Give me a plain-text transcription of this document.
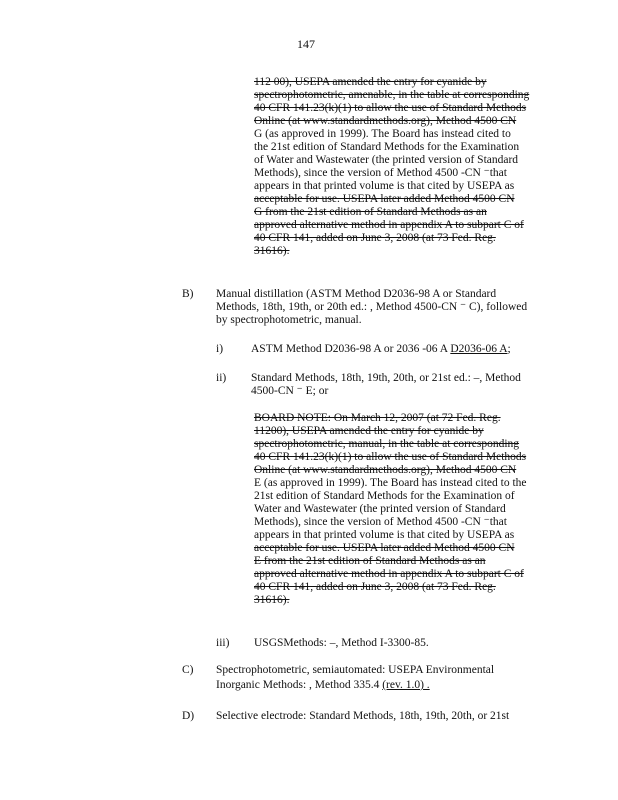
147

112 00), USEPA amended the entry for cyanide by

spectrophotometric, amenable, in the table at corresponding

40 CFR 141.23(k)(1) to allow the use of Standard Methods

Online (at www.standardmethods.org), Method 4500 CN

G (as approved in 1999). The Board has instead cited to

the 21st edition of Standard Methods for the Examination

of Water and Wastewater (the printed version of Standard

Methods), since the version of Method 4500 -CN ⁻that

appears in that printed volume is that cited by USEPA as

acceptable for use. USEPA later added Method 4500 CN

G from the 21st edition of Standard Methods as an

approved alternative method in appendix A to subpart C of

40 CFR 141, added on June 3, 2008 (at 73 Fed. Reg.

31616).

B) Manual distillation (ASTM Method D2036-98 A or Standard

Methods, 18th, 19th, or 20th ed.: , Method 4500-CN ⁻ C), followed

by spectrophotometric, manual.

i) ASTM Method D2036-98 A or 2036 -06 A D2036-06 A;
ii) Standard Methods, 18th, 19th, 20th, or 21st ed.: –, Method

4500-CN ⁻ E; or

BOARD NOTE: On March 12, 2007 (at 72 Fed. Reg.

11200), USEPA amended the entry for cyanide by

spectrophotometric, manual, in the table at corresponding

40 CFR 141.23(k)(1) to allow the use of Standard Methods

Online (at www.standardmethods.org), Method 4500 CN

E (as approved in 1999). The Board has instead cited to the

21st edition of Standard Methods for the Examination of

Water and Wastewater (the printed version of Standard

Methods), since the version of Method 4500 -CN ⁻that

appears in that printed volume is that cited by USEPA as

acceptable for use. USEPA later added Method 4500 CN

E from the 21st edition of Standard Methods as an

approved alternative method in appendix A to subpart C of

40 CFR 141, added on June 3, 2008 (at 73 Fed. Reg.

31616).

iii) USGSMethods: –, Method I-3300-85.
C) Spectrophotometric, semiautomated: USEPA Environmental
Inorganic Methods: , Method 335.4 (rev. 1.0) .
D) Selective electrode: Standard Methods, 18th, 19th, 20th, or 21st
